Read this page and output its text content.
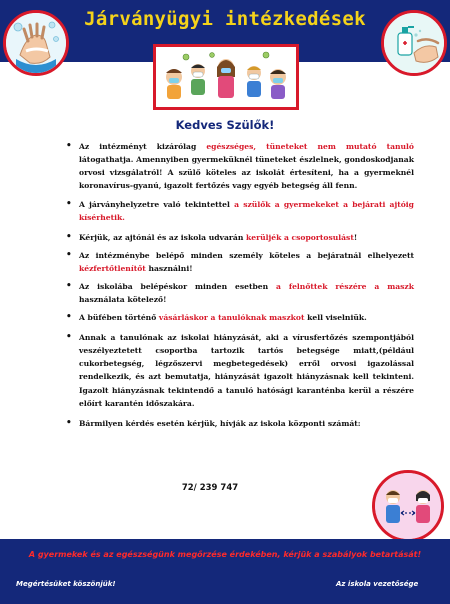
Járványügyi intézkedések
Kedves Szülők!
• Az intézményt kizárólag egészséges, tüneteket nem mutató tanuló látogathatja. Amennyiben gyermeküknél tüneteket észlelnek, gondoskodjanak orvosi vizsgálatról! A szülő köteles az iskolát értesíteni, ha a gyermeknél koronavírus-gyanú, igazolt fertőzés vagy egyéb betegség áll fenn.
• A járványhelyzetre való tekintettel a szülők a gyermekeket a bejárati ajtóig kísérhetik.
• Kérjük, az ajtónál és az iskola udvarán kerüljék a csoportosulást!
• Az intézménybe belépő minden személy köteles a bejáratnál elhelyezett kézfertőtlenítőt használni!
• Az iskolába belépéskor minden esetben a felnőttek részére a maszk használata kötelező!
• A büfében történő vásárláskor a tanulóknak maszkot kell viselniük.
• Annak a tanulónak az iskolai hiányzását, aki a vírusfertőzés szempontjából veszélyeztetett csoportba tartozik tartós betegsége miatt,(például cukorbetegség, légzőszervi megbetegedések) erről orvosi igazolással rendelkezik, és azt bemutatja, hiányzását igazolt hiányzásnak kell tekinteni. Igazolt hiányzásnak tekintendő a tanuló hatósági karanténba kerül a részére előírt karantén időszakára.
• Bármilyen kérdés esetén kérjük, hívják az iskola központi számát:
72/ 239 747
A gyermekek és az egészségünk megőrzése érdekében, kérjük a szabályok betartását!
Megértésüket köszönjük!	Az iskola vezetősége
